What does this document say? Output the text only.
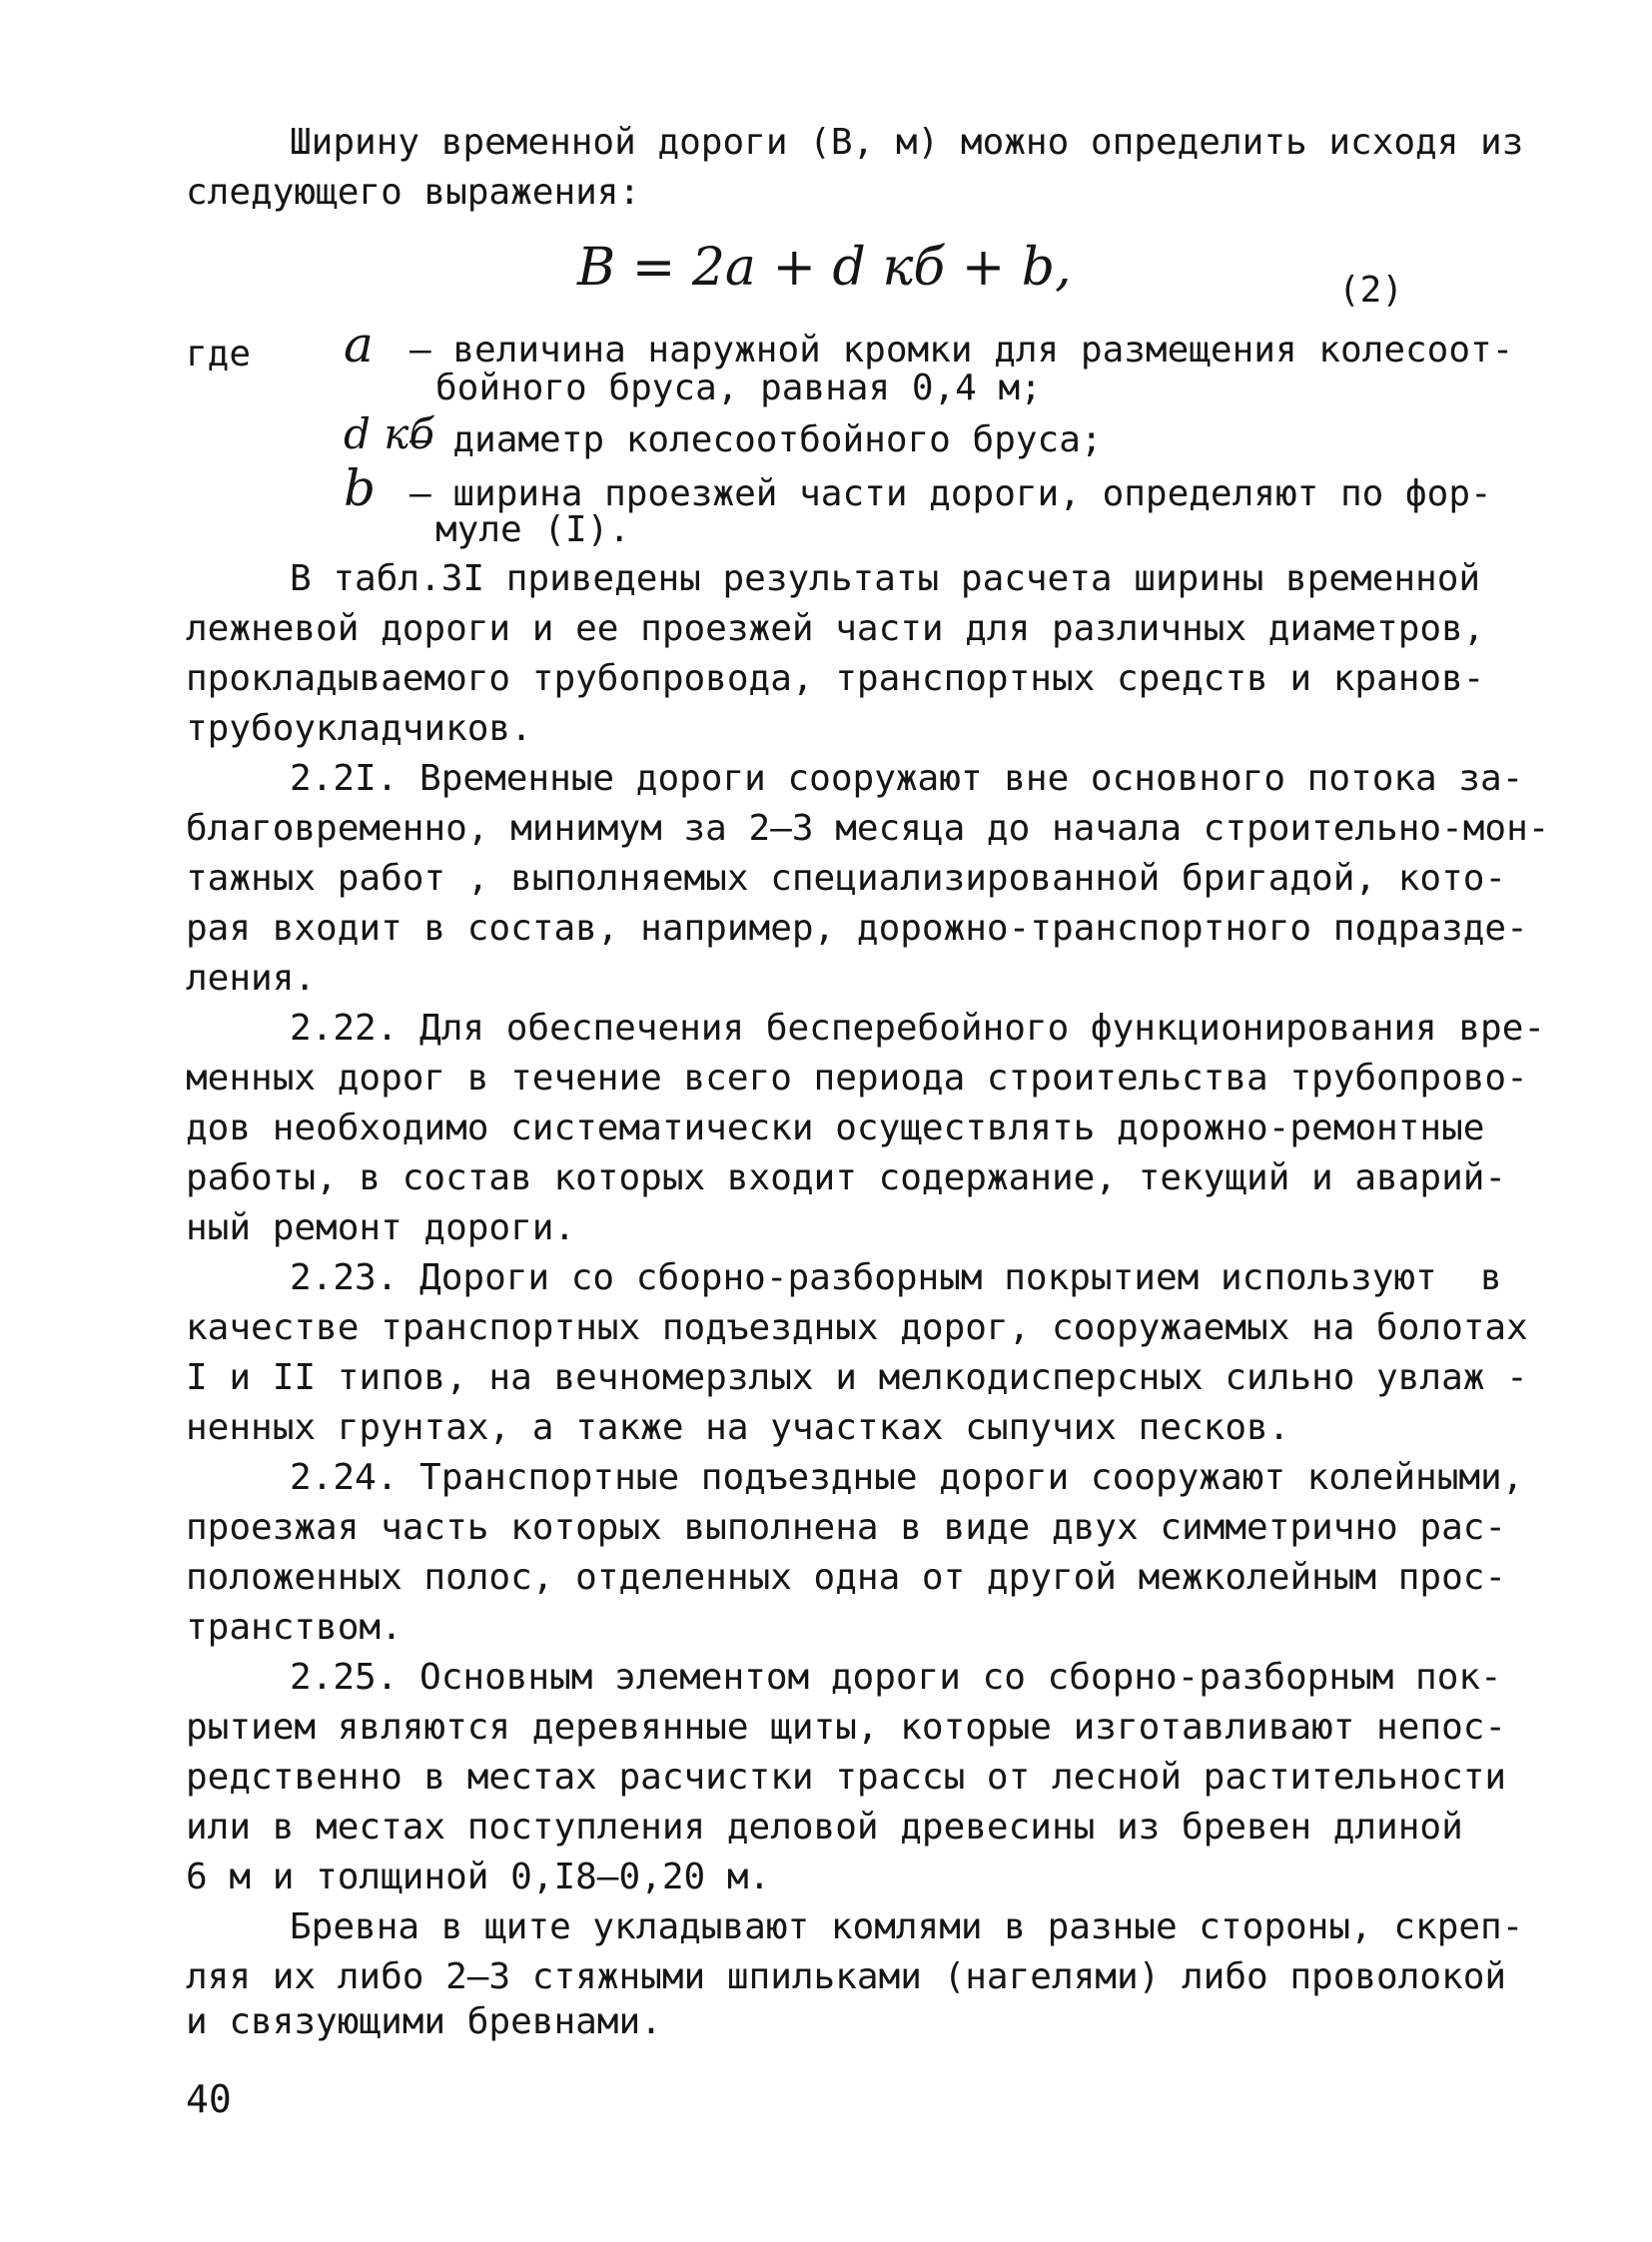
Ширину временной дороги (B, м) можно определить исходя из
следующего выражения:
B = 2a + d кб + b,	(2)
где a – величина наружной кромки для размещения колесоот-
бойного бруса, равная 0,4 м;
d кб
– диаметр колесоотбойного бруса;
b – ширина проезжей части дороги, определяют по фор-
муле (I).
В табл.3I приведены результаты расчета ширины временной
лежневой дороги и ее проезжей части для различных диаметров,
прокладываемого трубопровода, транспортных средств и кранов-
трубоукладчиков.
2.2I. Временные дороги сооружают вне основного потока за-
благовременно, минимум за 2–3 месяца до начала строительно-мон-
тажных работ , выполняемых специализированной бригадой, кото-
рая входит в состав, например, дорожно-транспортного подразде-
ления.
2.22. Для обеспечения бесперебойного функционирования вре-
менных дорог в течение всего периода строительства трубопрово-
дов необходимо систематически осуществлять дорожно-ремонтные
работы, в состав которых входит содержание, текущий и аварий-
ный ремонт дороги.
2.23. Дороги со сборно-разборным покрытием используют  в
качестве транспортных подъездных дорог, сооружаемых на болотах
I и II типов, на вечномерзлых и мелкодисперсных сильно увлаж -
ненных грунтах, а также на участках сыпучих песков.
2.24. Транспортные подъездные дороги сооружают колейными,
проезжая часть которых выполнена в виде двух симметрично рас-
положенных полос, отделенных одна от другой межколейным прос-
транством.
2.25. Основным элементом дороги со сборно-разборным пок-
рытием являются деревянные щиты, которые изготавливают непос-
редственно в местах расчистки трассы от лесной растительности
или в местах поступления деловой древесины из бревен длиной
6 м и толщиной 0,I8–0,20 м.
Бревна в щите укладывают комлями в разные стороны, скреп-
ляя их либо 2–3 стяжными шпильками (нагелями) либо проволокой
и связующими бревнами.
40
